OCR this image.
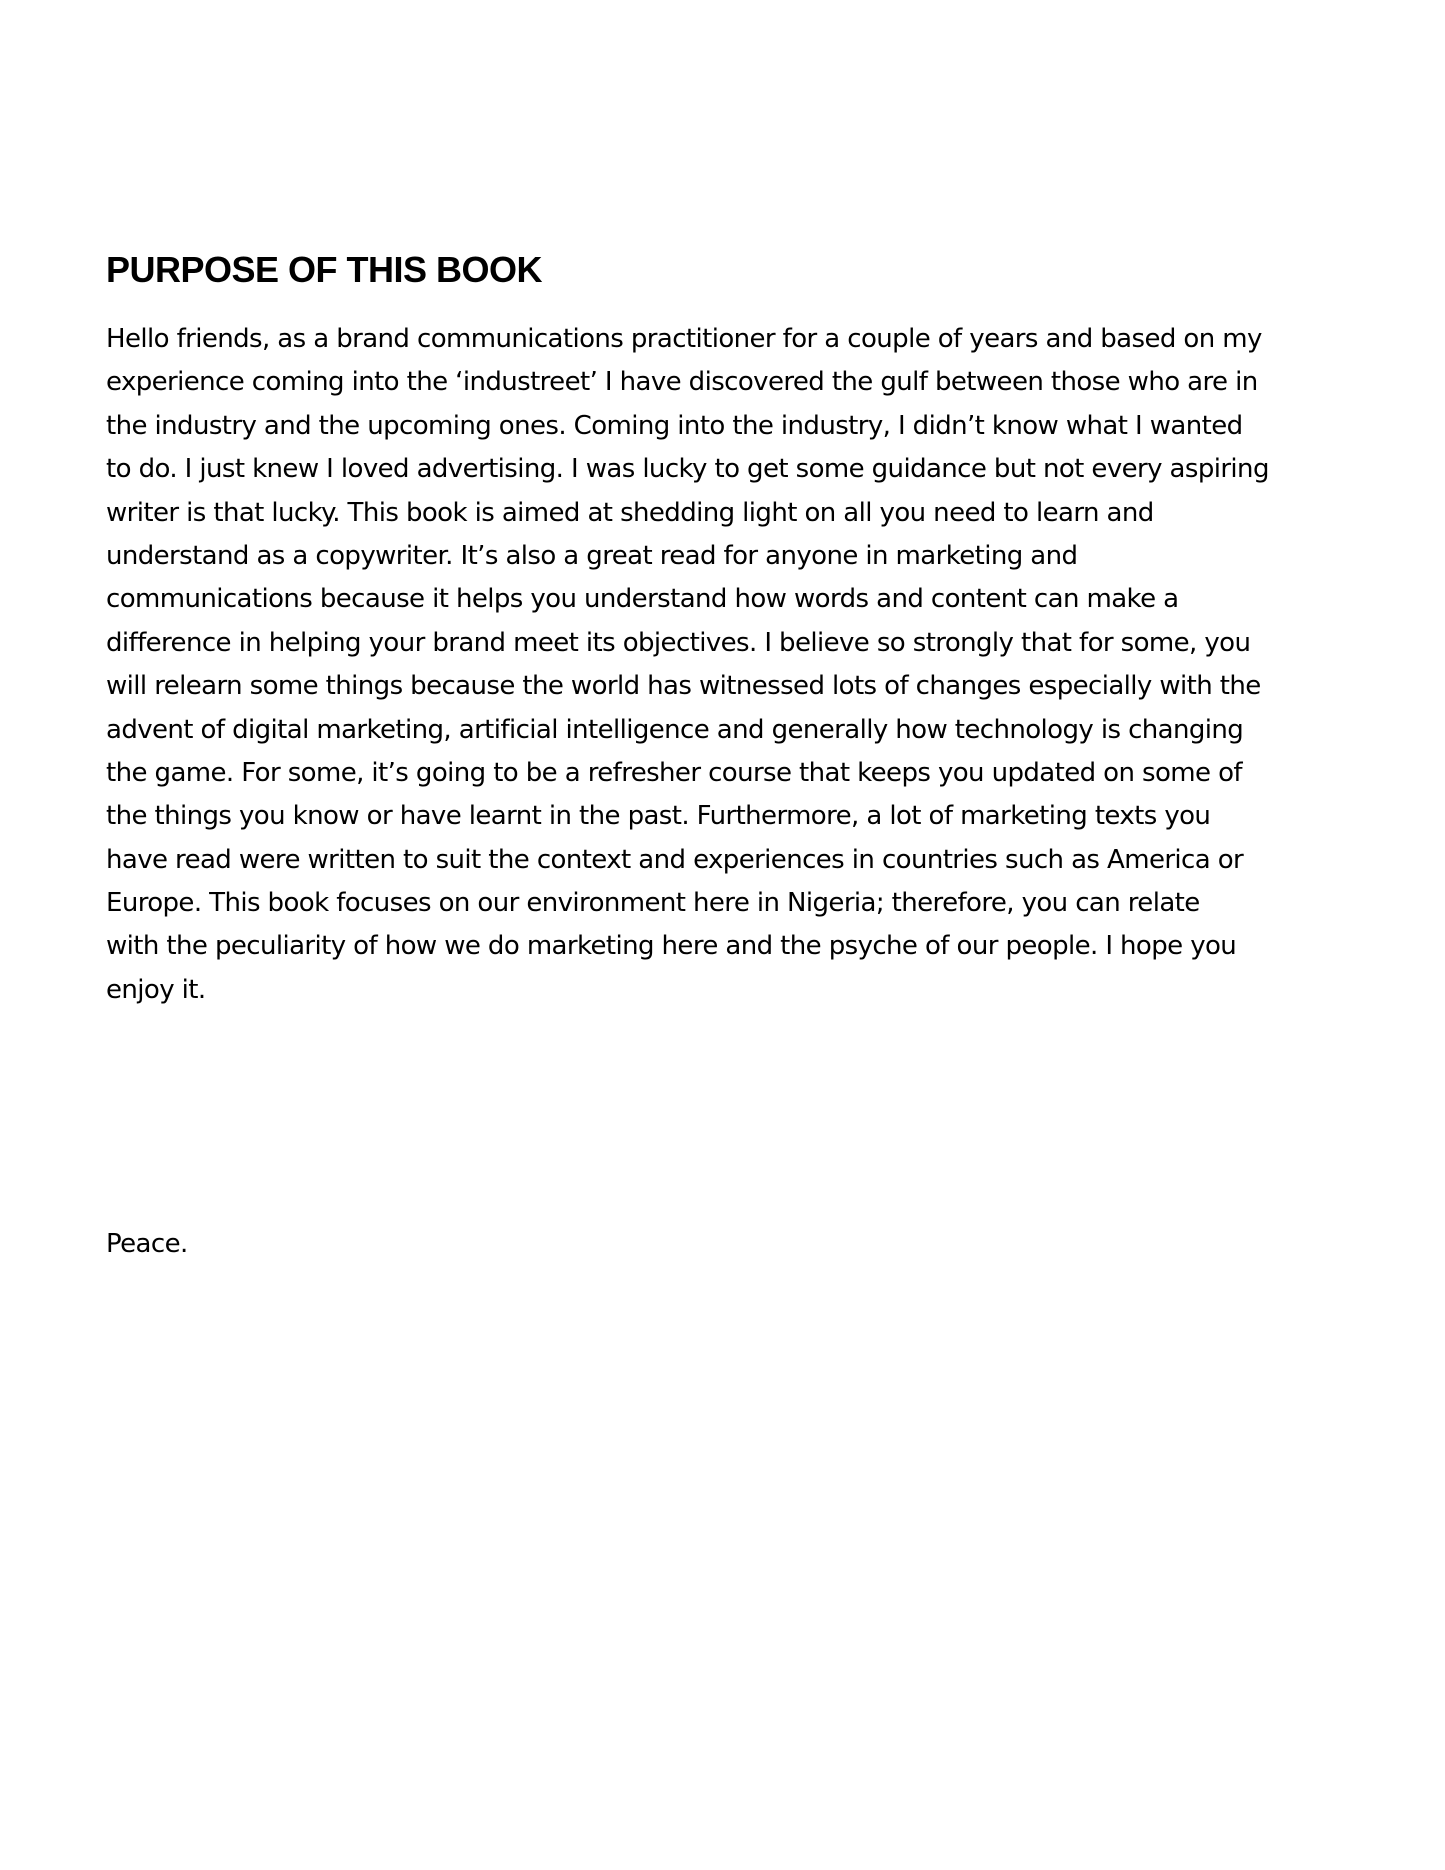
PURPOSE OF THIS BOOK
Hello friends, as a brand communications practitioner for a couple of years and based on my
experience coming into the ‘industreet’ I have discovered the gulf between those who are in
the industry and the upcoming ones. Coming into the industry, I didn’t know what I wanted
to do. I just knew I loved advertising. I was lucky to get some guidance but not every aspiring
writer is that lucky. This book is aimed at shedding light on all you need to learn and
understand as a copywriter. It’s also a great read for anyone in marketing and
communications because it helps you understand how words and content can make a
difference in helping your brand meet its objectives. I believe so strongly that for some, you
will relearn some things because the world has witnessed lots of changes especially with the
advent of digital marketing, artificial intelligence and generally how technology is changing
the game. For some, it’s going to be a refresher course that keeps you updated on some of
the things you know or have learnt in the past. Furthermore, a lot of marketing texts you
have read were written to suit the context and experiences in countries such as America or
Europe. This book focuses on our environment here in Nigeria; therefore, you can relate
with the peculiarity of how we do marketing here and the psyche of our people. I hope you
enjoy it.

Peace.
